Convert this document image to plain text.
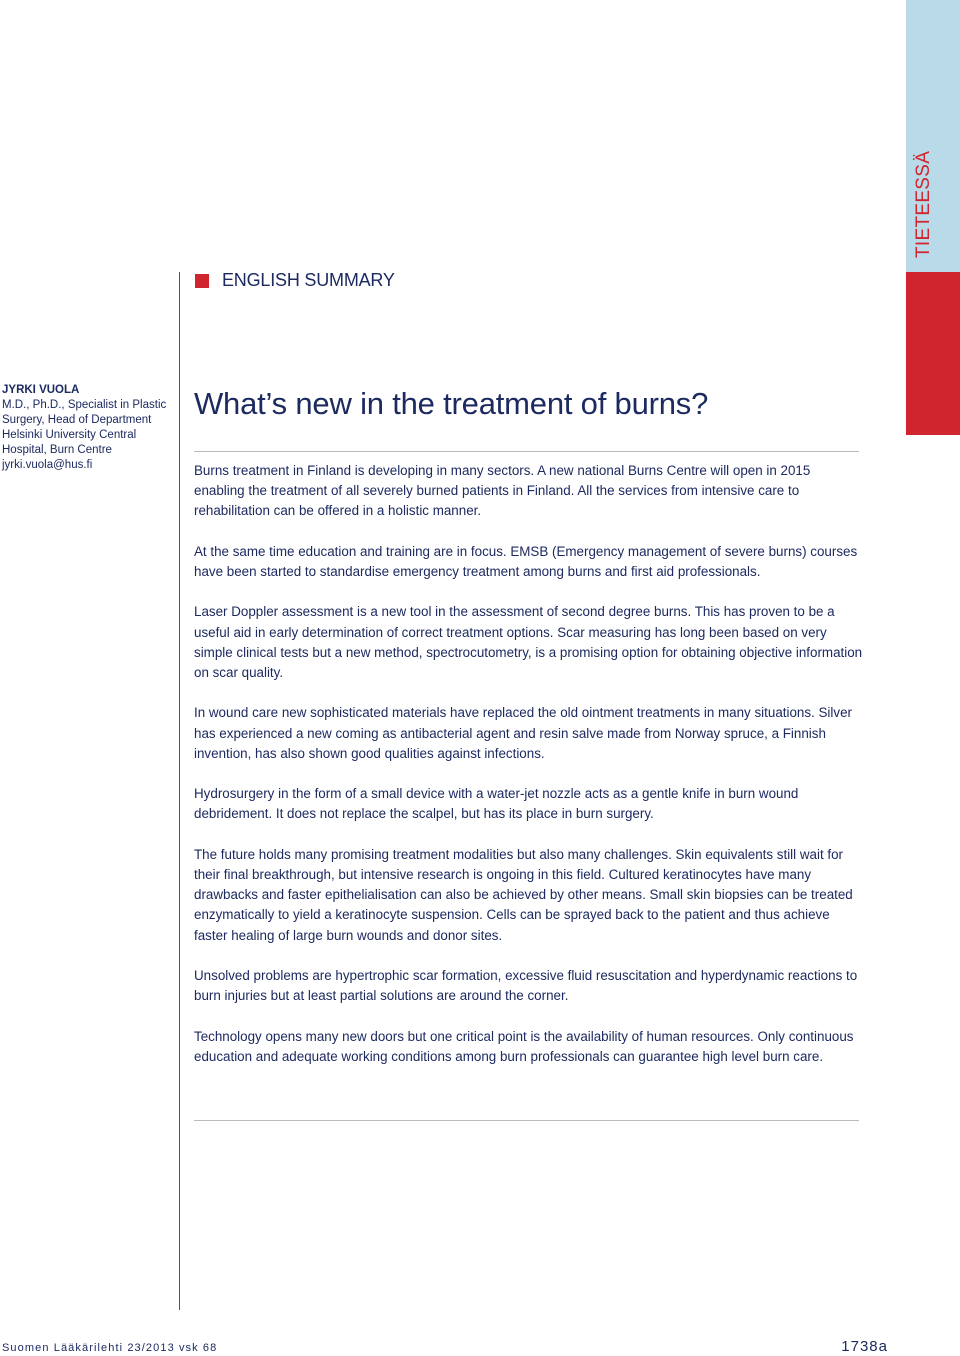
TIETEESSÄ
ENGLISH SUMMARY
JYRKI VUOLA
M.D., Ph.D., Specialist in Plastic
Surgery, Head of Department
Helsinki University Central
Hospital, Burn Centre
jyrki.vuola@hus.fi
What’s new in the treatment of burns?

Burns treatment in Finland is developing in many sectors. A new national Burns Centre will open in 2015 enabling the treatment of all severely burned patients in Finland. All the services from intensive care to rehabilitation can be offered in a holistic manner.

At the same time education and training are in focus. EMSB (Emergency management of severe burns) courses have been started to standardise emergency treatment among burns and first aid professionals.

Laser Doppler assessment is a new tool in the assessment of second degree burns. This has proven to be a useful aid in early determination of correct treatment options. Scar measuring has long been based on very simple clinical tests but a new method, spectrocutometry, is a promising option for obtaining objective information on scar quality.

In wound care new sophisticated materials have replaced the old ointment treatments in many situations. Silver has experienced a new coming as antibacterial agent and resin salve made from Norway spruce, a Finnish invention, has also shown good qualities against infections.

Hydrosurgery in the form of a small device with a water-jet nozzle acts as a gentle knife in burn wound debridement. It does not replace the scalpel, but has its place in burn surgery.

The future holds many promising treatment modalities but also many challenges. Skin equivalents still wait for their final breakthrough, but intensive research is ongoing in this field. Cultured keratinocytes have many drawbacks and faster epithelialisation can also be achieved by other means. Small skin biopsies can be treated enzymatically to yield a keratinocyte suspension. Cells can be sprayed back to the patient and thus achieve faster healing of large burn wounds and donor sites.

Unsolved problems are hypertrophic scar formation, excessive fluid resuscitation and hyperdynamic reactions to burn injuries but at least partial solutions are around the corner.

Technology opens many new doors but one critical point is the availability of human resources. Only continuous education and adequate working conditions among burn professionals can guarantee high level burn care.

Suomen Lääkärilehti 23/2013 vsk 68	1738a
